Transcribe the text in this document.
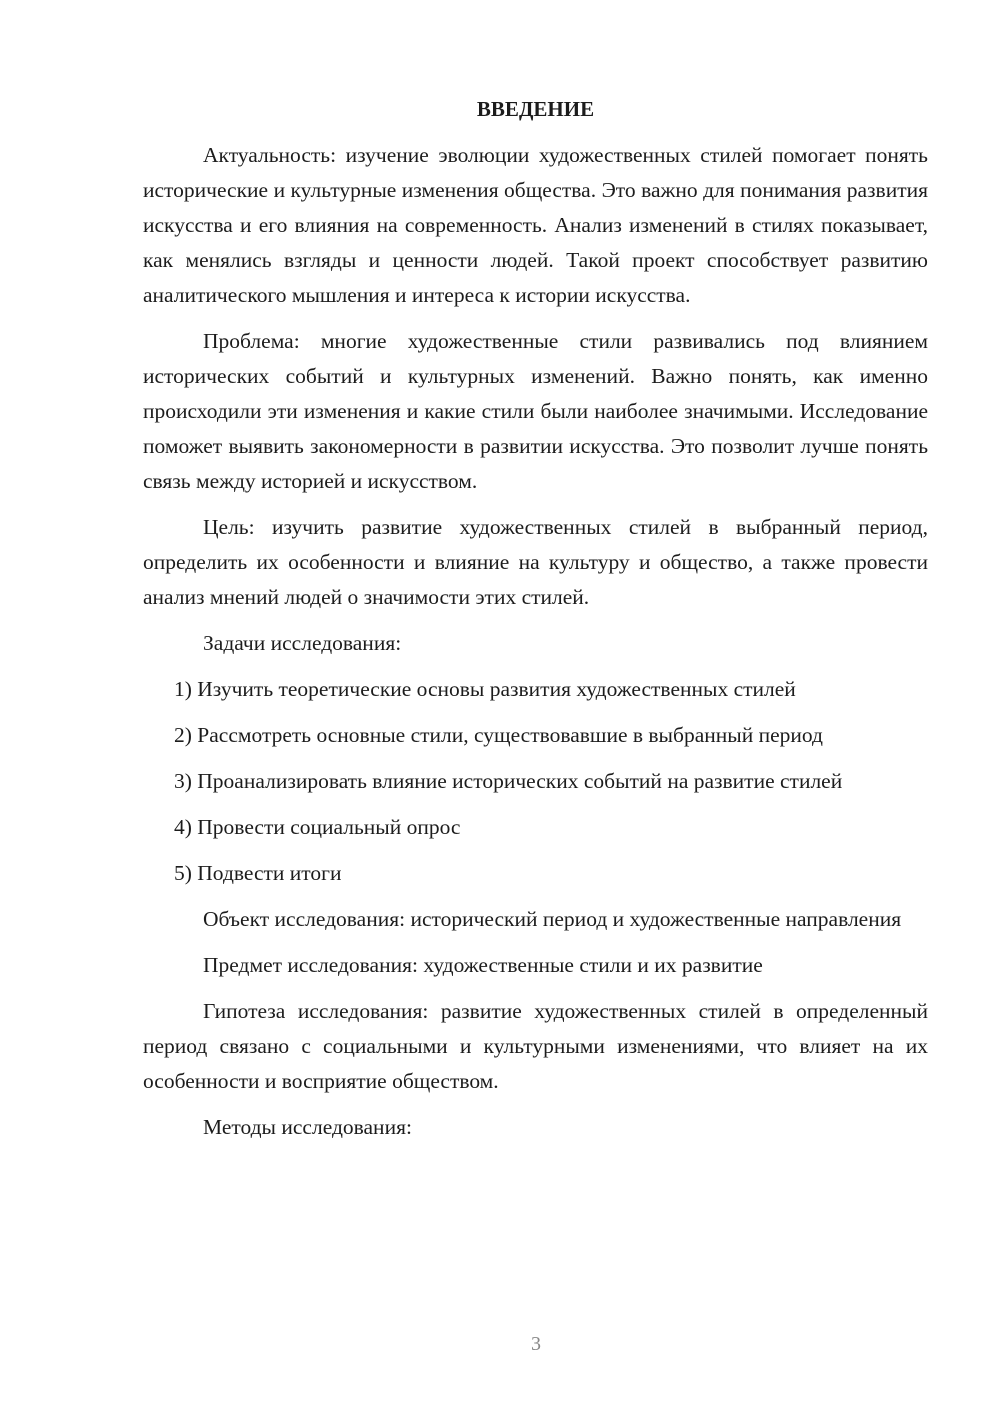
ВВЕДЕНИЕ

Актуальность: изучение эволюции художественных стилей помогает понять исторические и культурные изменения общества. Это важно для понимания развития искусства и его влияния на современность. Анализ изменений в стилях показывает, как менялись взгляды и ценности людей. Такой проект способствует развитию аналитического мышления и интереса к истории искусства.

Проблема: многие художественные стили развивались под влиянием исторических событий и культурных изменений. Важно понять, как именно происходили эти изменения и какие стили были наиболее значимыми. Исследование поможет выявить закономерности в развитии искусства. Это позволит лучше понять связь между историей и искусством.

Цель: изучить развитие художественных стилей в выбранный период, определить их особенности и влияние на культуру и общество, а также провести анализ мнений людей о значимости этих стилей.

Задачи исследования:

1) Изучить теоретические основы развития художественных стилей

2) Рассмотреть основные стили, существовавшие в выбранный период

3) Проанализировать влияние исторических событий на развитие стилей

4) Провести социальный опрос

5) Подвести итоги

Объект исследования: исторический период и художественные направления

Предмет исследования: художественные стили и их развитие

Гипотеза исследования: развитие художественных стилей в определенный период связано с социальными и культурными изменениями, что влияет на их особенности и восприятие обществом.

Методы исследования:

3
